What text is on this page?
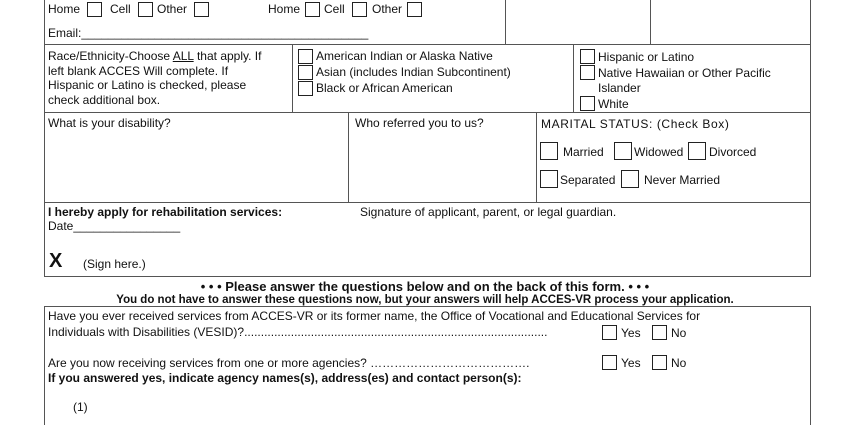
Home Cell Other	Home Cell Other
Email:___________________________________________
Race/Ethnicity-Choose ALL that apply. If
left blank ACCES Will complete. If
Hispanic or Latino is checked, please
check additional box.
American Indian or Alaska Native
Asian (includes Indian Subcontinent)
Black or African American
Hispanic or Latino
Native Hawaiian or Other Pacific
Islander
White
What is your disability?	Who referred you to us?	MARITAL STATUS: (Check Box)
Married	Widowed Divorced
Separated Never Married
I hereby apply for rehabilitation services:
Date________________
Signature of applicant, parent, or legal guardian.
X (Sign here.)
• • • Please answer the questions below and on the back of this form. • • •
You do not have to answer these questions now, but your answers will help ACCES-VR process your application.
Have you ever received services from ACCES-VR or its former name, the Office of Vocational and Educational Services for
Individuals with Disabilities (VESID)?...........................................................................................	Yes	No
Are you now receiving services from one or more agencies? ………………………………….	Yes	No
If you answered yes, indicate agency names(s), address(es) and contact person(s):
(1)
